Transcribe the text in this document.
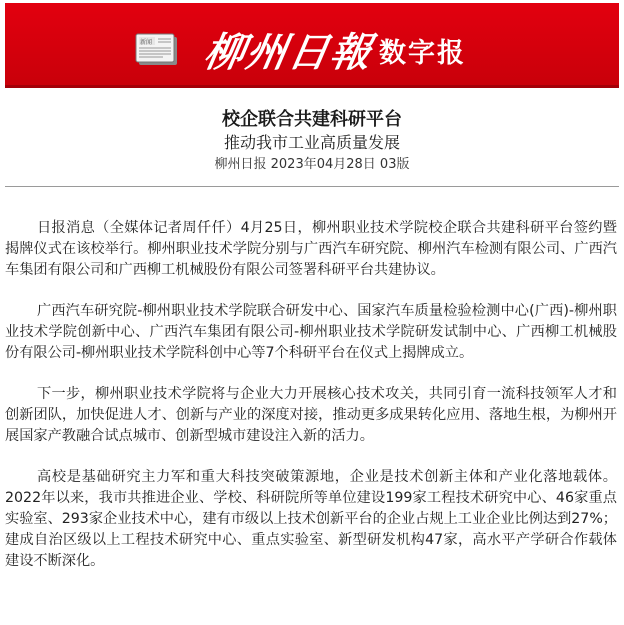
新闻 柳州日報 数字报
校企联合共建科研平台
推动我市工业高质量发展
柳州日报 2023年04月28日 03版

日报消息（全媒体记者周仟仟）4月25日，柳州职业技术学院校企联合共建科研平台签约暨揭牌仪式在该校举行。柳州职业技术学院分别与广西汽车研究院、柳州汽车检测有限公司、广西汽车集团有限公司和广西柳工机械股份有限公司签署科研平台共建协议。

广西汽车研究院-柳州职业技术学院联合研发中心、国家汽车质量检验检测中心(广西)-柳州职业技术学院创新中心、广西汽车集团有限公司-柳州职业技术学院研发试制中心、广西柳工机械股份有限公司-柳州职业技术学院科创中心等7个科研平台在仪式上揭牌成立。

下一步，柳州职业技术学院将与企业大力开展核心技术攻关，共同引育一流科技领军人才和创新团队，加快促进人才、创新与产业的深度对接，推动更多成果转化应用、落地生根，为柳州开展国家产教融合试点城市、创新型城市建设注入新的活力。

高校是基础研究主力军和重大科技突破策源地，企业是技术创新主体和产业化落地载体。2022年以来，我市共推进企业、学校、科研院所等单位建设199家工程技术研究中心、46家重点实验室、293家企业技术中心，建有市级以上技术创新平台的企业占规上工业企业比例达到27%；建成自治区级以上工程技术研究中心、重点实验室、新型研发机构47家，高水平产学研合作载体建设不断深化。
